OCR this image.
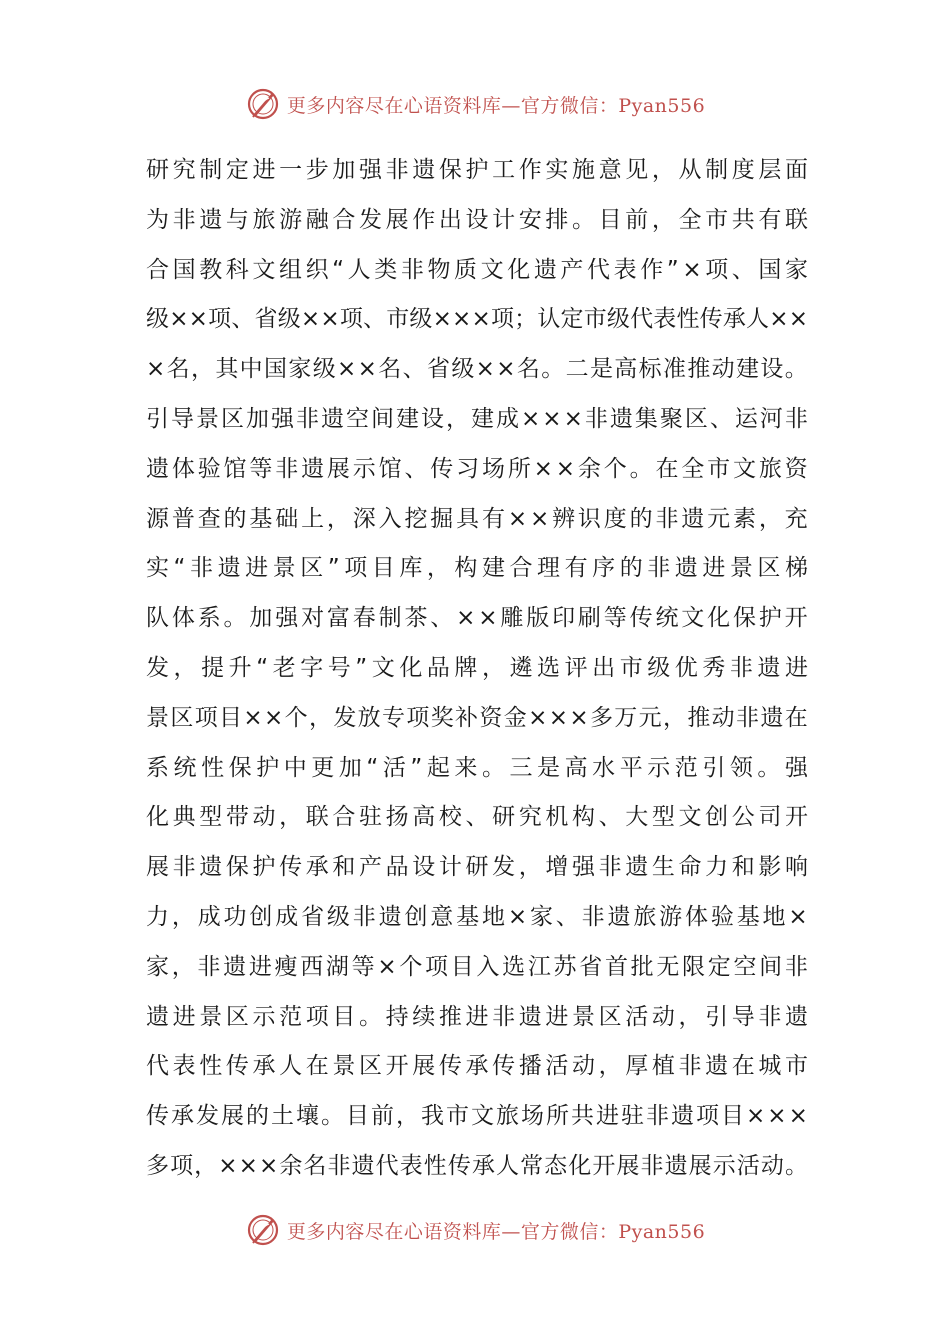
更多内容尽在心语资料库—官方微信：Pyan556
研 究 制 定 进 一 步 加 强 非 遗 保 护 工 作 实 施 意 见 ， 从 制 度 层 面
为 非 遗 与 旅 游 融 合 发 展 作 出 设 计 安 排 。 目 前 ， 全 市 共 有 联
合 国 教 科 文 组 织 “ 人 类 非 物 质 文 化 遗 产 代 表 作 ” × 项 、 国 家
级 × × 项 、 省 级 × × 项 、 市 级 × × × 项 ； 认 定 市 级 代 表 性 传 承 人 × ×
× 名 ， 其 中 国 家 级 × × 名 、 省 级 × × 名 。 二 是 高 标 准 推 动 建 设 。
引 导 景 区 加 强 非 遗 空 间 建 设 ， 建 成 × × × 非 遗 集 聚 区 、 运 河 非
遗 体 验 馆 等 非 遗 展 示 馆 、 传 习 场 所 × × 余 个 。 在 全 市 文 旅 资
源 普 查 的 基 础 上 ， 深 入 挖 掘 具 有 × × 辨 识 度 的 非 遗 元 素 ， 充
实 “ 非 遗 进 景 区 ” 项 目 库 ， 构 建 合 理 有 序 的 非 遗 进 景 区 梯
队 体 系 。 加 强 对 富 春 制 茶 、 × × 雕 版 印 刷 等 传 统 文 化 保 护 开
发 ， 提 升 “ 老 字 号 ” 文 化 品 牌 ， 遴 选 评 出 市 级 优 秀 非 遗 进
景 区 项 目 × × 个 ， 发 放 专 项 奖 补 资 金 × × × 多 万 元 ， 推 动 非 遗 在
系 统 性 保 护 中 更 加 “ 活 ” 起 来 。 三 是 高 水 平 示 范 引 领 。 强
化 典 型 带 动 ， 联 合 驻 扬 高 校 、 研 究 机 构 、 大 型 文 创 公 司 开
展 非 遗 保 护 传 承 和 产 品 设 计 研 发 ， 增 强 非 遗 生 命 力 和 影 响
力 ， 成 功 创 成 省 级 非 遗 创 意 基 地 × 家 、 非 遗 旅 游 体 验 基 地 ×
家 ， 非 遗 进 瘦 西 湖 等 × 个 项 目 入 选 江 苏 省 首 批 无 限 定 空 间 非
遗 进 景 区 示 范 项 目 。 持 续 推 进 非 遗 进 景 区 活 动 ， 引 导 非 遗
代 表 性 传 承 人 在 景 区 开 展 传 承 传 播 活 动 ， 厚 植 非 遗 在 城 市
传 承 发 展 的 土 壤 。 目 前 ， 我 市 文 旅 场 所 共 进 驻 非 遗 项 目 × × ×
多 项 ， × × × 余 名 非 遗 代 表 性 传 承 人 常 态 化 开 展 非 遗 展 示 活 动 。
更多内容尽在心语资料库—官方微信：Pyan556
